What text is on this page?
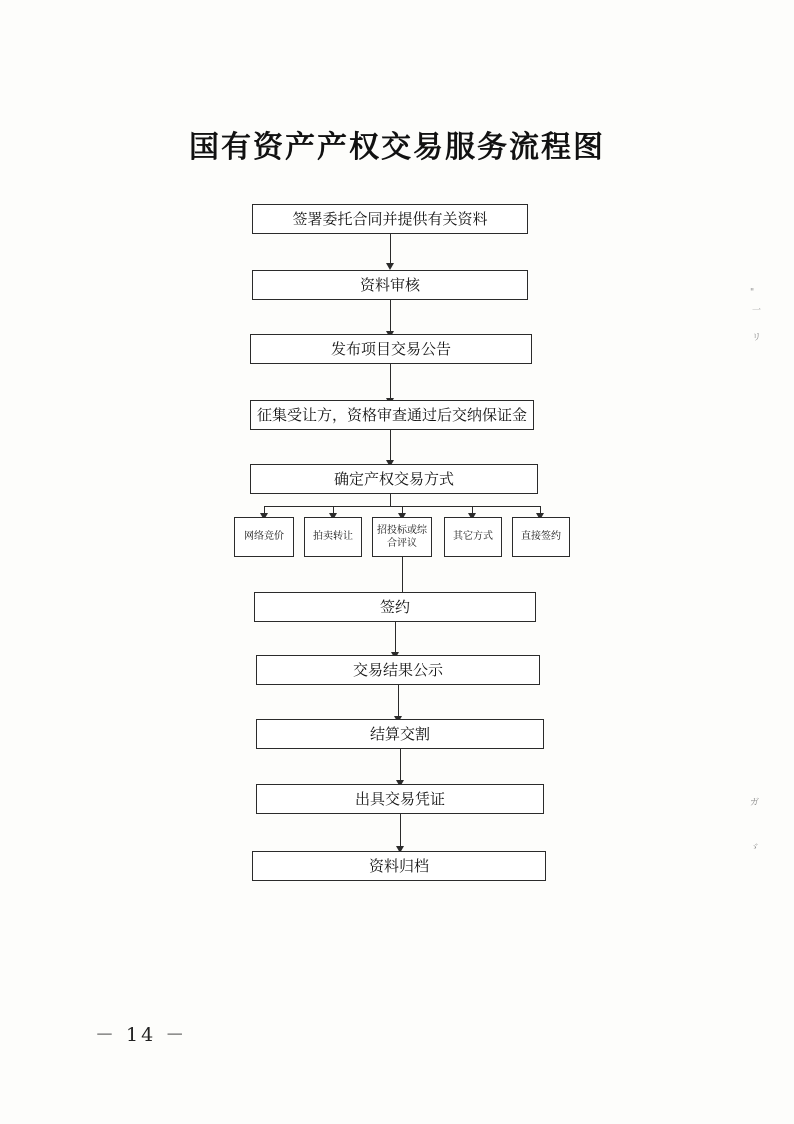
国有资产产权交易服务流程图
签署委托合同并提供有关资料
资料审核
发布项目交易公告
征集受让方，资格审查通过后交纳保证金
确定产权交易方式
网络竞价	拍卖转让
招投标或综合评议
其它方式	直接签约
签约
交易结果公示
结算交割
出具交易凭证
资料归档
"
一
リ
ガ
ゞ
－ 14 －
